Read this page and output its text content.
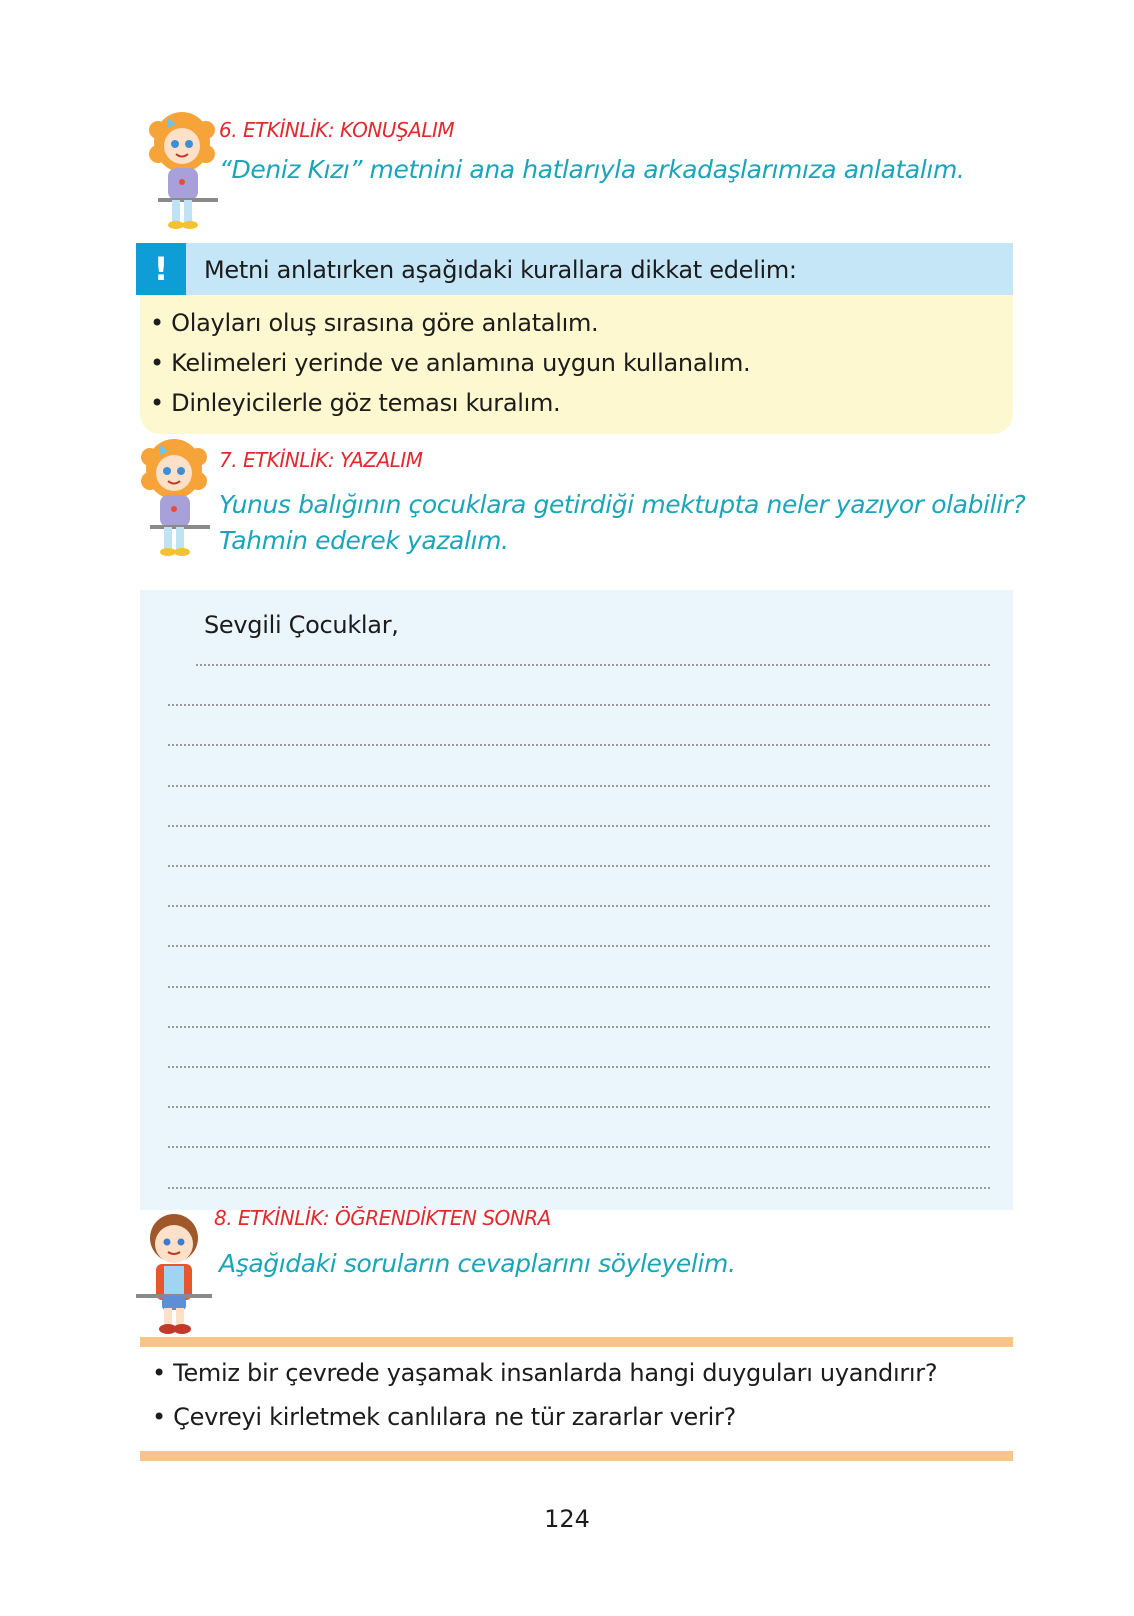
6. ETKİNLİK: KONUŞALIM
“Deniz Kızı” metnini ana hatlarıyla arkadaşlarımıza anlatalım.
!	Metni anlatırken aşağıdaki kurallara dikkat edelim:
• Olayları oluş sırasına göre anlatalım.
• Kelimeleri yerinde ve anlamına uygun kullanalım.
• Dinleyicilerle göz teması kuralım.
7. ETKİNLİK: YAZALIM
Yunus balığının çocuklara getirdiği mektupta neler yazıyor olabilir?
Tahmin ederek yazalım.
Sevgili Çocuklar,
8. ETKİNLİK: ÖĞRENDİKTEN SONRA
Aşağıdaki soruların cevaplarını söyleyelim.
• Temiz bir çevrede yaşamak insanlarda hangi duyguları uyandırır?
• Çevreyi kirletmek canlılara ne tür zararlar verir?
124
